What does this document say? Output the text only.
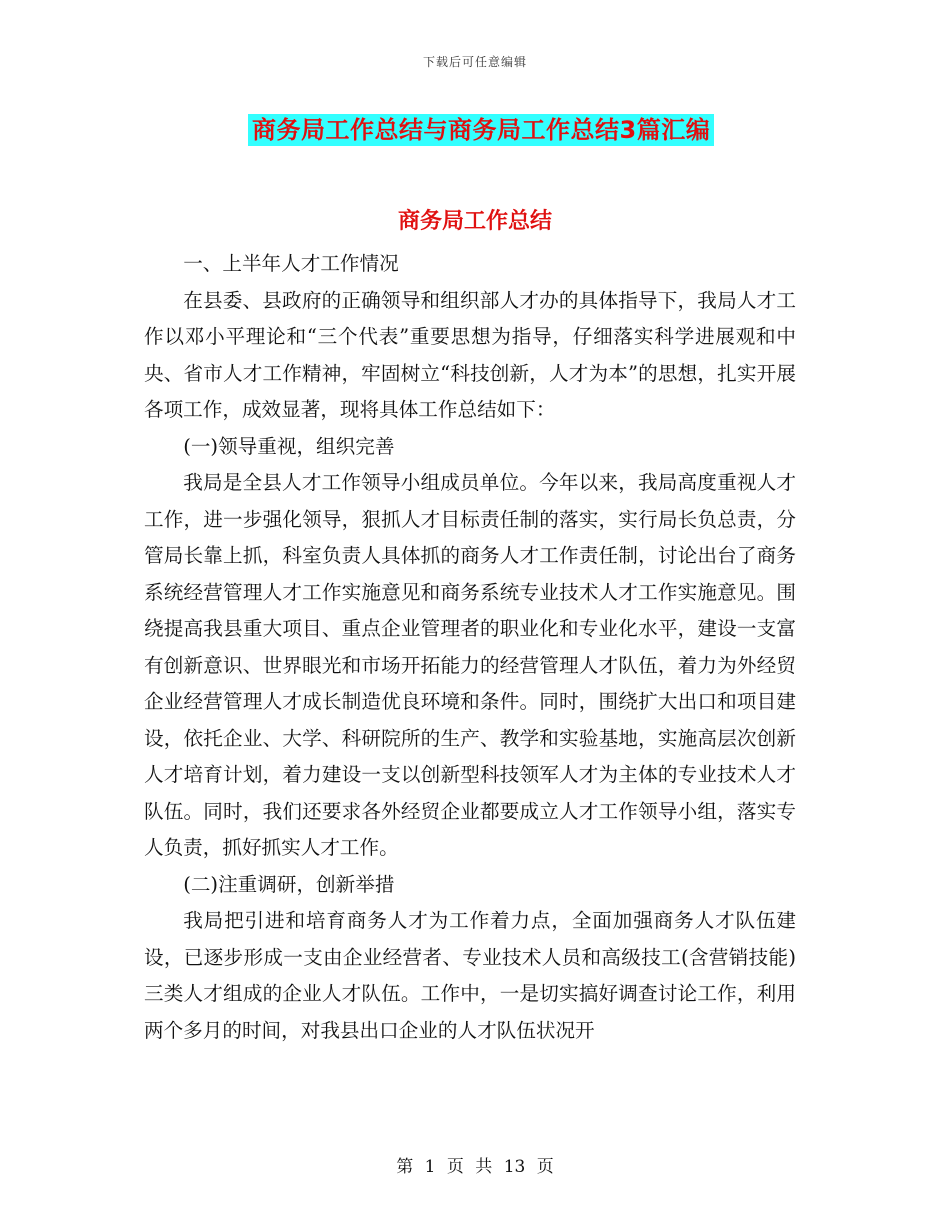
下载后可任意编辑
商务局工作总结与商务局工作总结3篇汇编
商务局工作总结

一、上半年人才工作情况

在县委、县政府的正确领导和组织部人才办的具体指导下，我局人才工作以邓小平理论和“三个代表”重要思想为指导，仔细落实科学进展观和中央、省市人才工作精神，牢固树立“科技创新，人才为本”的思想，扎实开展各项工作，成效显著，现将具体工作总结如下：

(一)领导重视，组织完善

我局是全县人才工作领导小组成员单位。今年以来，我局高度重视人才工作，进一步强化领导，狠抓人才目标责任制的落实，实行局长负总责，分管局长靠上抓，科室负责人具体抓的商务人才工作责任制，讨论出台了商务系统经营管理人才工作实施意见和商务系统专业技术人才工作实施意见。围绕提高我县重大项目、重点企业管理者的职业化和专业化水平，建设一支富有创新意识、世界眼光和市场开拓能力的经营管理人才队伍，着力为外经贸企业经营管理人才成长制造优良环境和条件。同时，围绕扩大出口和项目建设，依托企业、大学、科研院所的生产、教学和实验基地，实施高层次创新人才培育计划，着力建设一支以创新型科技领军人才为主体的专业技术人才队伍。同时，我们还要求各外经贸企业都要成立人才工作领导小组，落实专人负责，抓好抓实人才工作。

(二)注重调研，创新举措

我局把引进和培育商务人才为工作着力点，全面加强商务人才队伍建设，已逐步形成一支由企业经营者、专业技术人员和高级技工(含营销技能)三类人才组成的企业人才队伍。工作中，一是切实搞好调查讨论工作，利用两个多月的时间，对我县出口企业的人才队伍状况开

第 1 页 共 13 页
